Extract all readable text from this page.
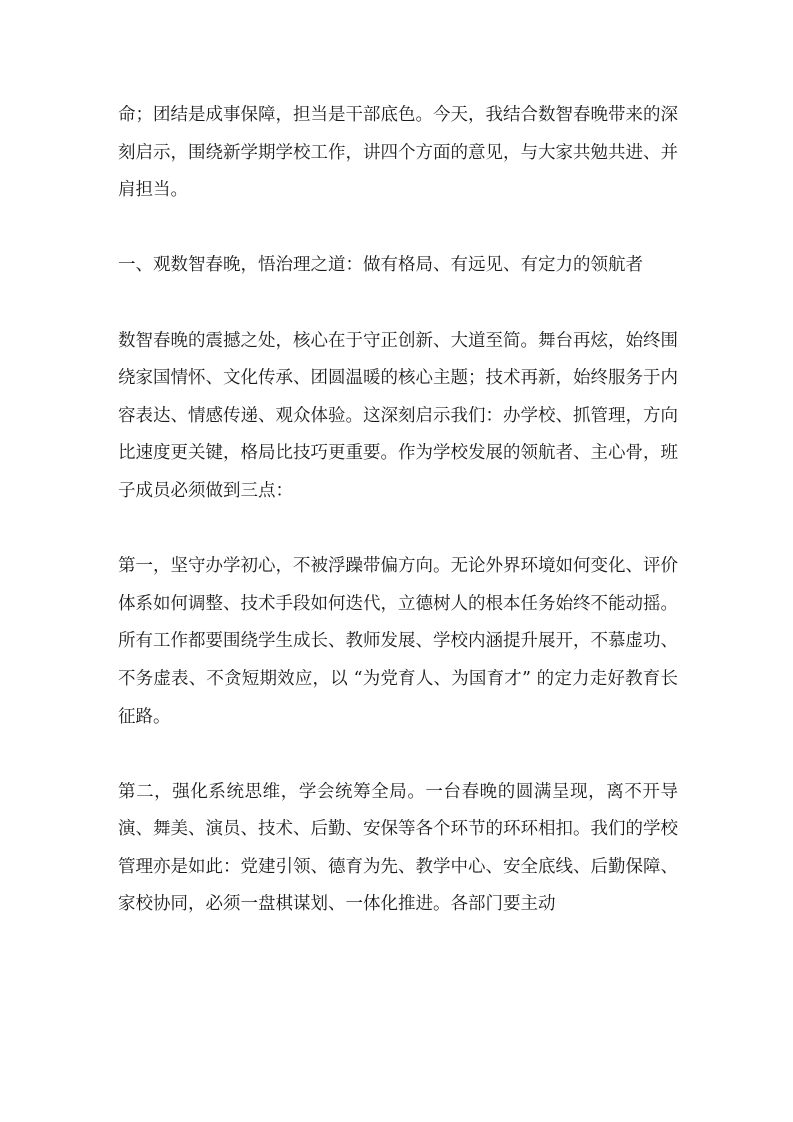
命；团结是成事保障，担当是干部底色。今天，我结合数智春晚带来的深刻启示，围绕新学期学校工作，讲四个方面的意见，与大家共勉共进、并肩担当。

一、观数智春晚，悟治理之道：做有格局、有远见、有定力的领航者

数智春晚的震撼之处，核心在于守正创新、大道至简。舞台再炫，始终围绕家国情怀、文化传承、团圆温暖的核心主题；技术再新，始终服务于内容表达、情感传递、观众体验。这深刻启示我们：办学校、抓管理，方向比速度更关键，格局比技巧更重要。作为学校发展的领航者、主心骨，班子成员必须做到三点：

第一，坚守办学初心，不被浮躁带偏方向。无论外界环境如何变化、评价体系如何调整、技术手段如何迭代，立德树人的根本任务始终不能动摇。所有工作都要围绕学生成长、教师发展、学校内涵提升展开，不慕虚功、不务虚表、不贪短期效应，以 “为党育人、为国育才” 的定力走好教育长征路。

第二，强化系统思维，学会统筹全局。一台春晚的圆满呈现，离不开导演、舞美、演员、技术、后勤、安保等各个环节的环环相扣。我们的学校管理亦是如此：党建引领、德育为先、教学中心、安全底线、后勤保障、家校协同，必须一盘棋谋划、一体化推进。各部门要主动
